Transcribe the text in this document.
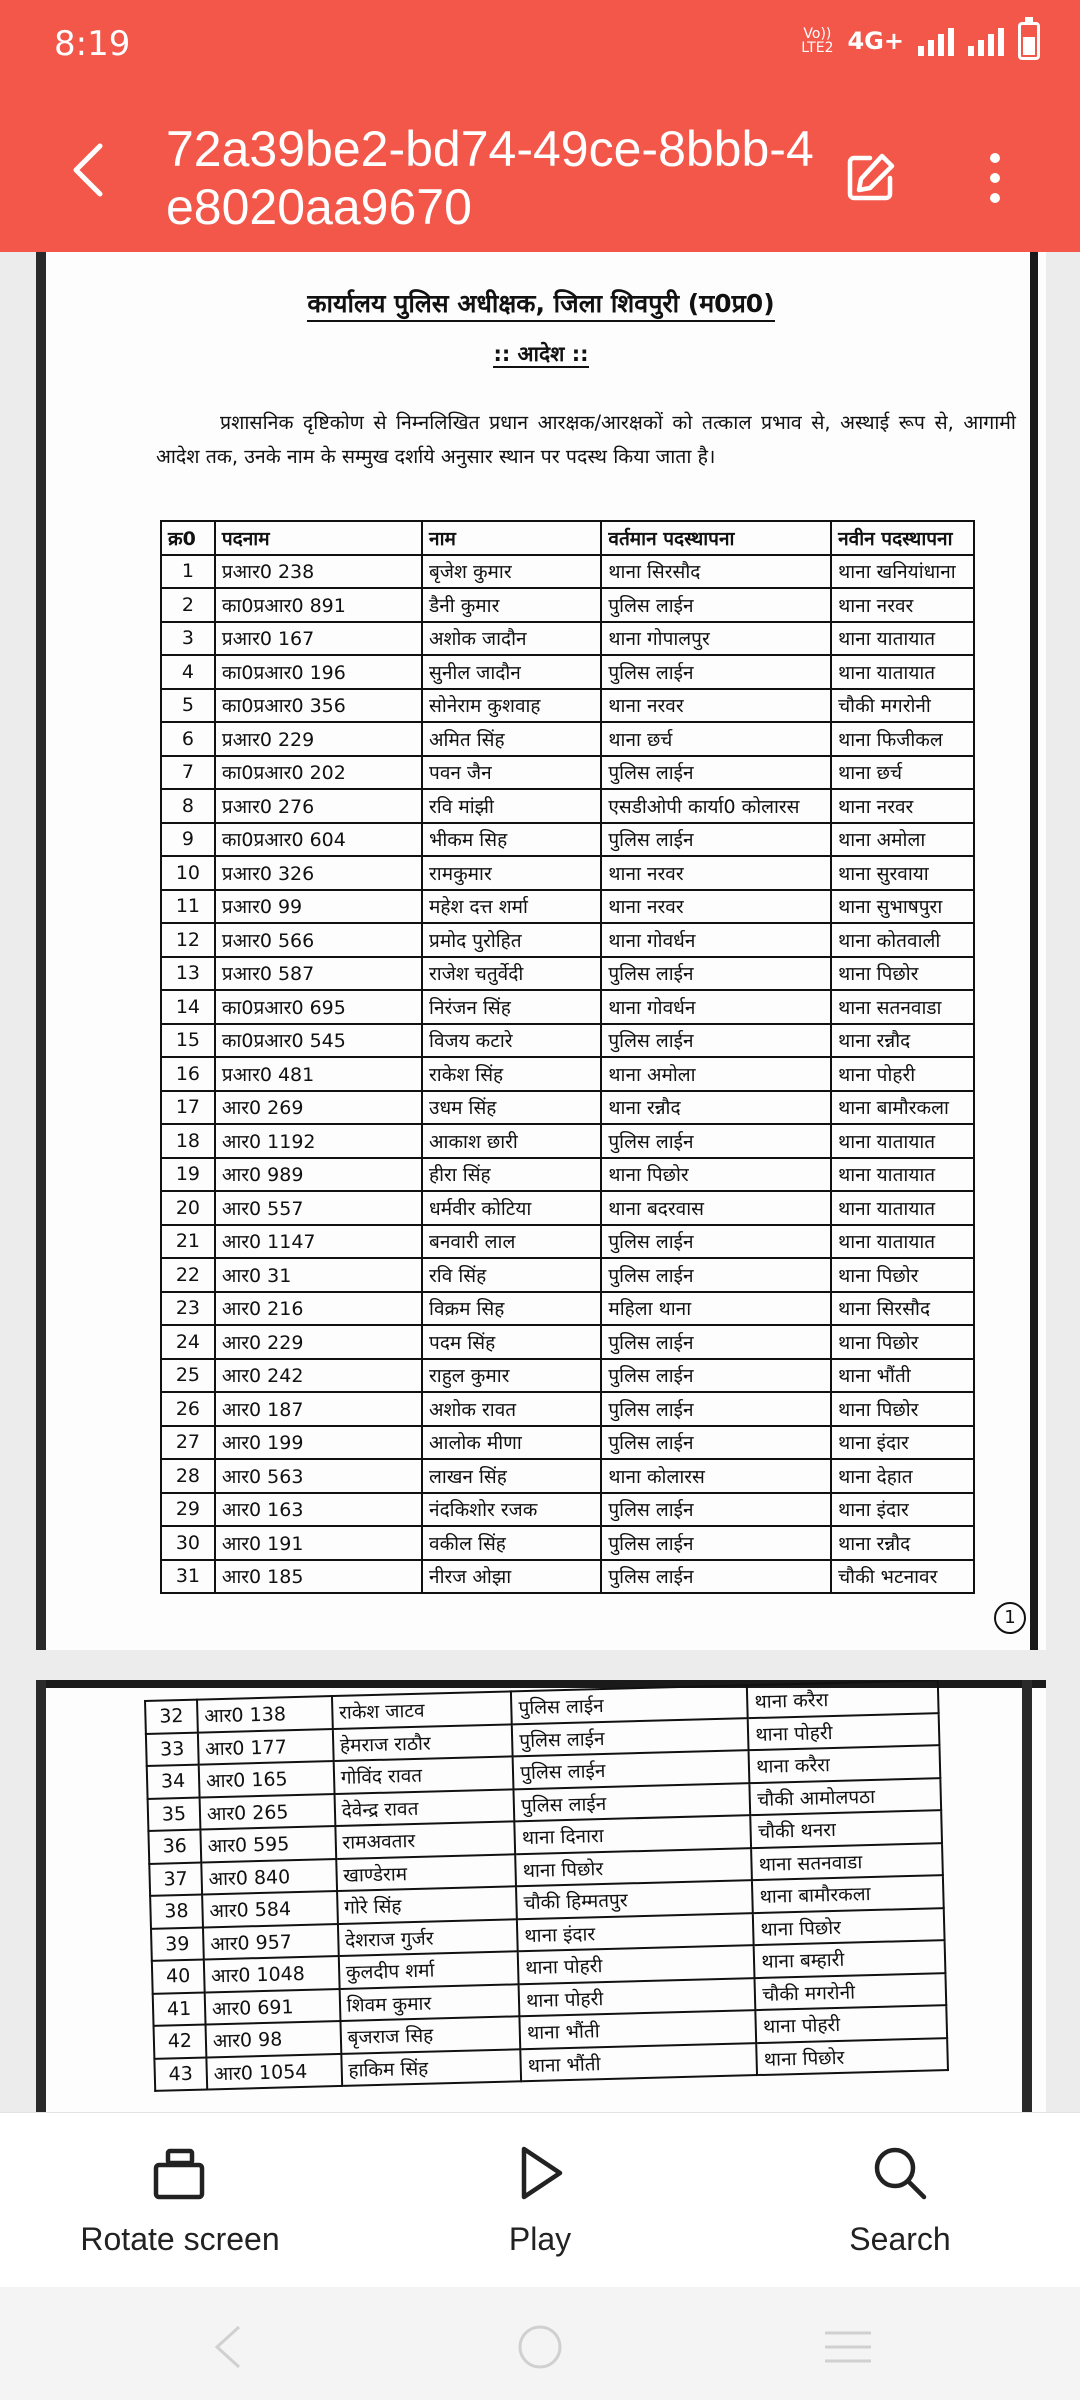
8:19	Vo))
LTE2 4G+
72a39be2-bd74-49ce-8bbb-4e8020aa9670
कार्यालय पुलिस अधीक्षक, जिला शिवपुरी (म0प्र0)
:: आदेश ::
प्रशासनिक दृष्टिकोण से निम्नलिखित प्रधान आरक्षक/आरक्षकों को तत्काल प्रभाव से, अस्थाई रूप से, आगामी आदेश तक, उनके नाम के सम्मुख दर्शाये अनुसार स्थान पर पदस्थ किया जाता है।
क्र0	पदनाम	नाम	वर्तमान पदस्थापना	नवीन पदस्थापना
1	प्रआर0 238	बृजेश कुमार	थाना सिरसौद	थाना खनियांधाना
2	का0प्रआर0 891	डैनी कुमार	पुलिस लाईन	थाना नरवर
3	प्रआर0 167	अशोक जादौन	थाना गोपालपुर	थाना यातायात
4	का0प्रआर0 196	सुनील जादौन	पुलिस लाईन	थाना यातायात
5	का0प्रआर0 356	सोनेराम कुशवाह	थाना नरवर	चौकी मगरोनी
6	प्रआर0 229	अमित सिंह	थाना छर्च	थाना फिजीकल
7	का0प्रआर0 202	पवन जैन	पुलिस लाईन	थाना छर्च
8	प्रआर0 276	रवि मांझी	एसडीओपी कार्या0 कोलारस	थाना नरवर
9	का0प्रआर0 604	भीकम सिह	पुलिस लाईन	थाना अमोला
10	प्रआर0 326	रामकुमार	थाना नरवर	थाना सुरवाया
11	प्रआर0 99	महेश दत्त शर्मा	थाना नरवर	थाना सुभाषपुरा
12	प्रआर0 566	प्रमोद पुरोहित	थाना गोवर्धन	थाना कोतवाली
13	प्रआर0 587	राजेश चतुर्वेदी	पुलिस लाईन	थाना पिछोर
14	का0प्रआर0 695	निरंजन सिंह	थाना गोवर्धन	थाना सतनवाडा
15	का0प्रआर0 545	विजय कटारे	पुलिस लाईन	थाना रन्नौद
16	प्रआर0 481	राकेश सिंह	थाना अमोला	थाना पोहरी
17	आर0 269	उधम सिंह	थाना रन्नौद	थाना बामौरकला
18	आर0 1192	आकाश छारी	पुलिस लाईन	थाना यातायात
19	आर0 989	हीरा सिंह	थाना पिछोर	थाना यातायात
20	आर0 557	धर्मवीर कोटिया	थाना बदरवास	थाना यातायात
21	आर0 1147	बनवारी लाल	पुलिस लाईन	थाना यातायात
22	आर0 31	रवि सिंह	पुलिस लाईन	थाना पिछोर
23	आर0 216	विक्रम सिह	महिला थाना	थाना सिरसौद
24	आर0 229	पदम सिंह	पुलिस लाईन	थाना पिछोर
25	आर0 242	राहुल कुमार	पुलिस लाईन	थाना भौंती
26	आर0 187	अशोक रावत	पुलिस लाईन	थाना पिछोर
27	आर0 199	आलोक मीणा	पुलिस लाईन	थाना इंदार
28	आर0 563	लाखन सिंह	थाना कोलारस	थाना देहात
29	आर0 163	नंदकिशोर रजक	पुलिस लाईन	थाना इंदार
30	आर0 191	वकील सिंह	पुलिस लाईन	थाना रन्नौद
31	आर0 185	नीरज ओझा	पुलिस लाईन	चौकी भटनावर
1
32	आर0 138	राकेश जाटव	पुलिस लाईन	थाना करैरा
33	आर0 177	हेमराज राठौर	पुलिस लाईन	थाना पोहरी
34	आर0 165	गोविंद रावत	पुलिस लाईन	थाना करैरा
35	आर0 265	देवेन्द्र रावत	पुलिस लाईन	चौकी आमोलपठा
36	आर0 595	रामअवतार	थाना दिनारा	चौकी थनरा
37	आर0 840	खाण्डेराम	थाना पिछोर	थाना सतनवाडा
38	आर0 584	गोरे सिंह	चौकी हिम्मतपुर	थाना बामौरकला
39	आर0 957	देशराज गुर्जर	थाना इंदार	थाना पिछोर
40	आर0 1048	कुलदीप शर्मा	थाना पोहरी	थाना बम्हारी
41	आर0 691	शिवम कुमार	थाना पोहरी	चौकी मगरोनी
42	आर0 98	बृजराज सिह	थाना भौंती	थाना पोहरी
43	आर0 1054	हाकिम सिंह	थाना भौंती	थाना पिछोर
Rotate screen	Play	Search
